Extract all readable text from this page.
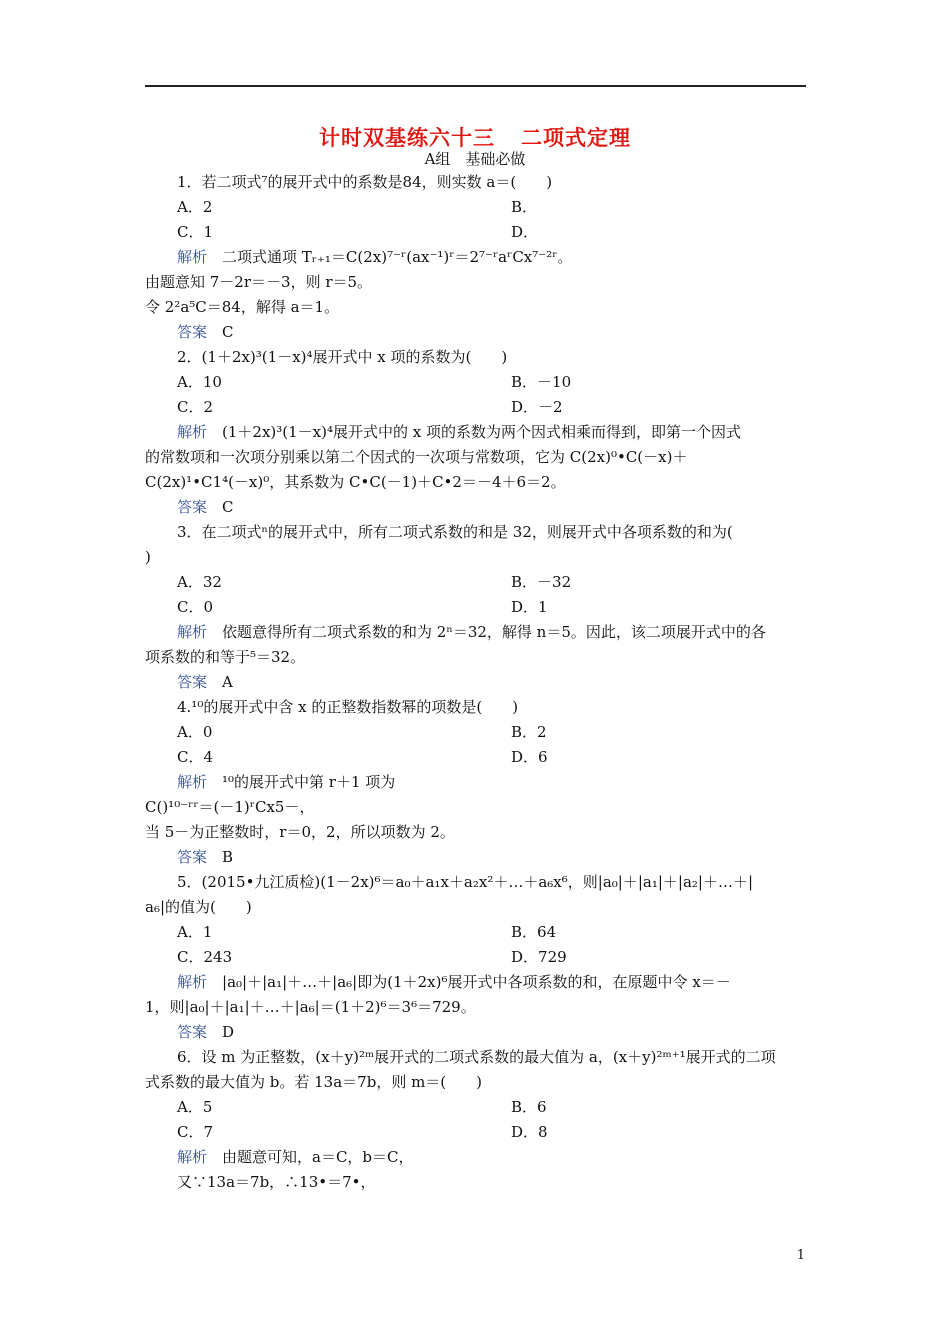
计时双基练六十三 二项式定理
A组　基础必做
1．若二项式⁷的展开式中的系数是84，则实数 a＝(　　)
A．2	B．
C．1	D．
解析　二项式通项 Tᵣ₊₁＝C(2x)⁷⁻ʳ(ax⁻¹)ʳ＝2⁷⁻ʳaʳCx⁷⁻²ʳ。
由题意知 7－2r＝－3，则 r＝5。
令 2²a⁵C＝84，解得 a＝1。
答案　C
2．(1＋2x)³(1－x)⁴展开式中 x 项的系数为(　　)
A．10	B．－10
C．2	D．－2
解析　(1＋2x)³(1－x)⁴展开式中的 x 项的系数为两个因式相乘而得到，即第一个因式
的常数项和一次项分别乘以第二个因式的一次项与常数项，它为 C(2x)⁰•C(－x)＋
C(2x)¹•C1⁴(－x)⁰，其系数为 C•C(－1)＋C•2＝－4＋6＝2。
答案　C
3．在二项式ⁿ的展开式中，所有二项式系数的和是 32，则展开式中各项系数的和为(
)
A．32	B．－32
C．0	D．1
解析　依题意得所有二项式系数的和为 2ⁿ＝32，解得 n＝5。因此，该二项展开式中的各
项系数的和等于⁵＝32。
答案　A
4.¹⁰的展开式中含 x 的正整数指数幂的项数是(　　)
A．0	B．2
C．4	D．6
解析　¹⁰的展开式中第 r＋1 项为
C()¹⁰⁻ʳʳ＝(－1)ʳCx5－，
当 5－为正整数时，r＝0，2，所以项数为 2。
答案　B
5．(2015•九江质检)(1－2x)⁶＝a₀＋a₁x＋a₂x²＋…＋a₆x⁶，则|a₀|＋|a₁|＋|a₂|＋…＋|
a₆|的值为(　　)
A．1	B．64
C．243	D．729
解析　|a₀|＋|a₁|＋…＋|a₆|即为(1＋2x)⁶展开式中各项系数的和，在原题中令 x＝－
1，则|a₀|＋|a₁|＋…＋|a₆|＝(1＋2)⁶＝3⁶＝729。
答案　D
6．设 m 为正整数，(x＋y)²ᵐ展开式的二项式系数的最大值为 a，(x＋y)²ᵐ⁺¹展开式的二项
式系数的最大值为 b。若 13a＝7b，则 m＝(　　)
A．5	B．6
C．7	D．8
解析　由题意可知，a＝C，b＝C，
又∵13a＝7b，∴13•＝7•，
1
